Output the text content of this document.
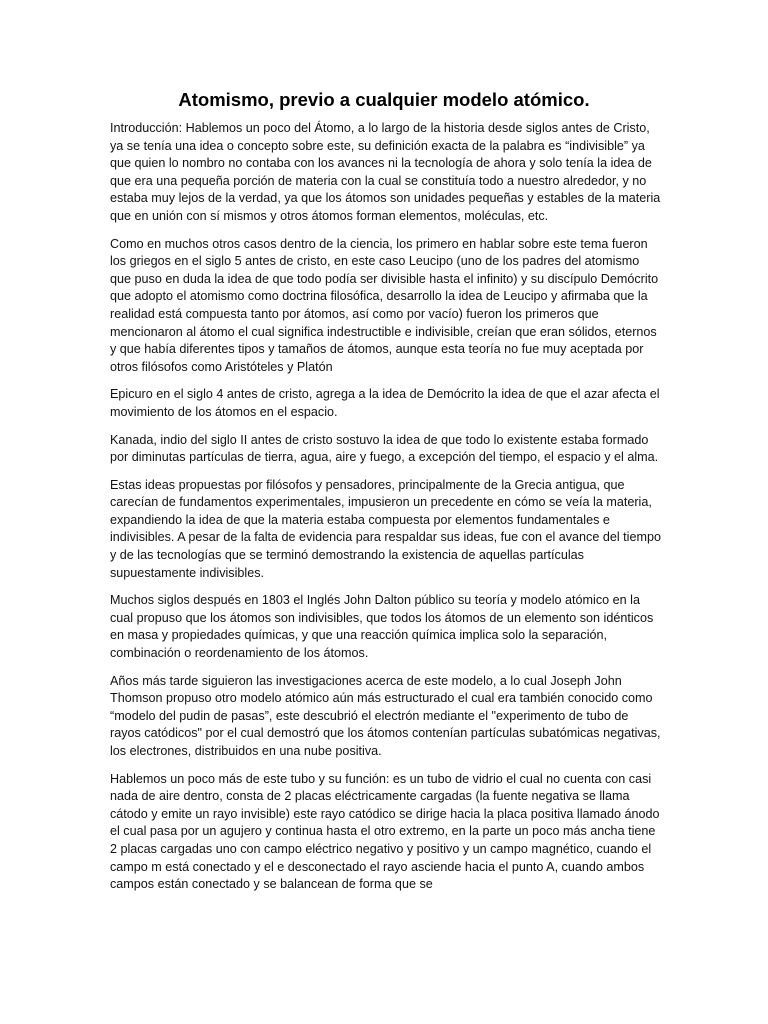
Atomismo, previo a cualquier modelo atómico.

Introducción: Hablemos un poco del Átomo, a lo largo de la historia desde siglos antes de Cristo, ya se tenía una idea o concepto sobre este, su definición exacta de la palabra es “indivisible” ya que quien lo nombro no contaba con los avances ni la tecnología de ahora y solo tenía la idea de que era una pequeña porción de materia con la cual se constituía todo a nuestro alrededor, y no estaba muy lejos de la verdad, ya que los átomos son unidades pequeñas y estables de la materia que en unión con sí mismos y otros átomos forman elementos, moléculas, etc.

Como en muchos otros casos dentro de la ciencia, los primero en hablar sobre este tema fueron los griegos en el siglo 5 antes de cristo, en este caso Leucipo (uno de los padres del atomismo que puso en duda la idea de que todo podía ser divisible hasta el infinito) y su discípulo Demócrito que adopto el atomismo como doctrina filosófica, desarrollo la idea de Leucipo y afirmaba que la realidad está compuesta tanto por átomos, así como por vacío) fueron los primeros que mencionaron al átomo el cual significa indestructible e indivisible, creían que eran sólidos, eternos y que había diferentes tipos y tamaños de átomos, aunque esta teoría no fue muy aceptada por otros filósofos como Aristóteles y Platón

Epicuro en el siglo 4 antes de cristo, agrega a la idea de Demócrito la idea de que el azar afecta el movimiento de los átomos en el espacio.

Kanada, indio del siglo II antes de cristo sostuvo la idea de que todo lo existente estaba formado por diminutas partículas de tierra, agua, aire y fuego, a excepción del tiempo, el espacio y el alma.

Estas ideas propuestas por filósofos y pensadores, principalmente de la Grecia antigua, que carecían de fundamentos experimentales, impusieron un precedente en cómo se veía la materia, expandiendo la idea de que la materia estaba compuesta por elementos fundamentales e indivisibles. A pesar de la falta de evidencia para respaldar sus ideas, fue con el avance del tiempo y de las tecnologías que se terminó demostrando la existencia de aquellas partículas supuestamente indivisibles.

Muchos siglos después en 1803 el Inglés John Dalton público su teoría y modelo atómico en la cual propuso que los átomos son indivisibles, que todos los átomos de un elemento son idénticos en masa y propiedades químicas, y que una reacción química implica solo la separación, combinación o reordenamiento de los átomos.

Años más tarde siguieron las investigaciones acerca de este modelo, a lo cual Joseph John Thomson propuso otro modelo atómico aún más estructurado el cual era también conocido como “modelo del pudin de pasas”, este descubrió el electrón mediante el "experimento de tubo de rayos catódicos" por el cual demostró que los átomos contenían partículas subatómicas negativas, los electrones, distribuidos en una nube positiva.

Hablemos un poco más de este tubo y su función: es un tubo de vidrio el cual no cuenta con casi nada de aire dentro, consta de 2 placas eléctricamente cargadas (la fuente negativa se llama cátodo y emite un rayo invisible) este rayo catódico se dirige hacia la placa positiva llamado ánodo el cual pasa por un agujero y continua hasta el otro extremo, en la parte un poco más ancha tiene 2 placas cargadas uno con campo eléctrico negativo y positivo y un campo magnético, cuando el campo m está conectado y el e desconectado el rayo asciende hacia el punto A, cuando ambos campos están conectado y se balancean de forma que se
